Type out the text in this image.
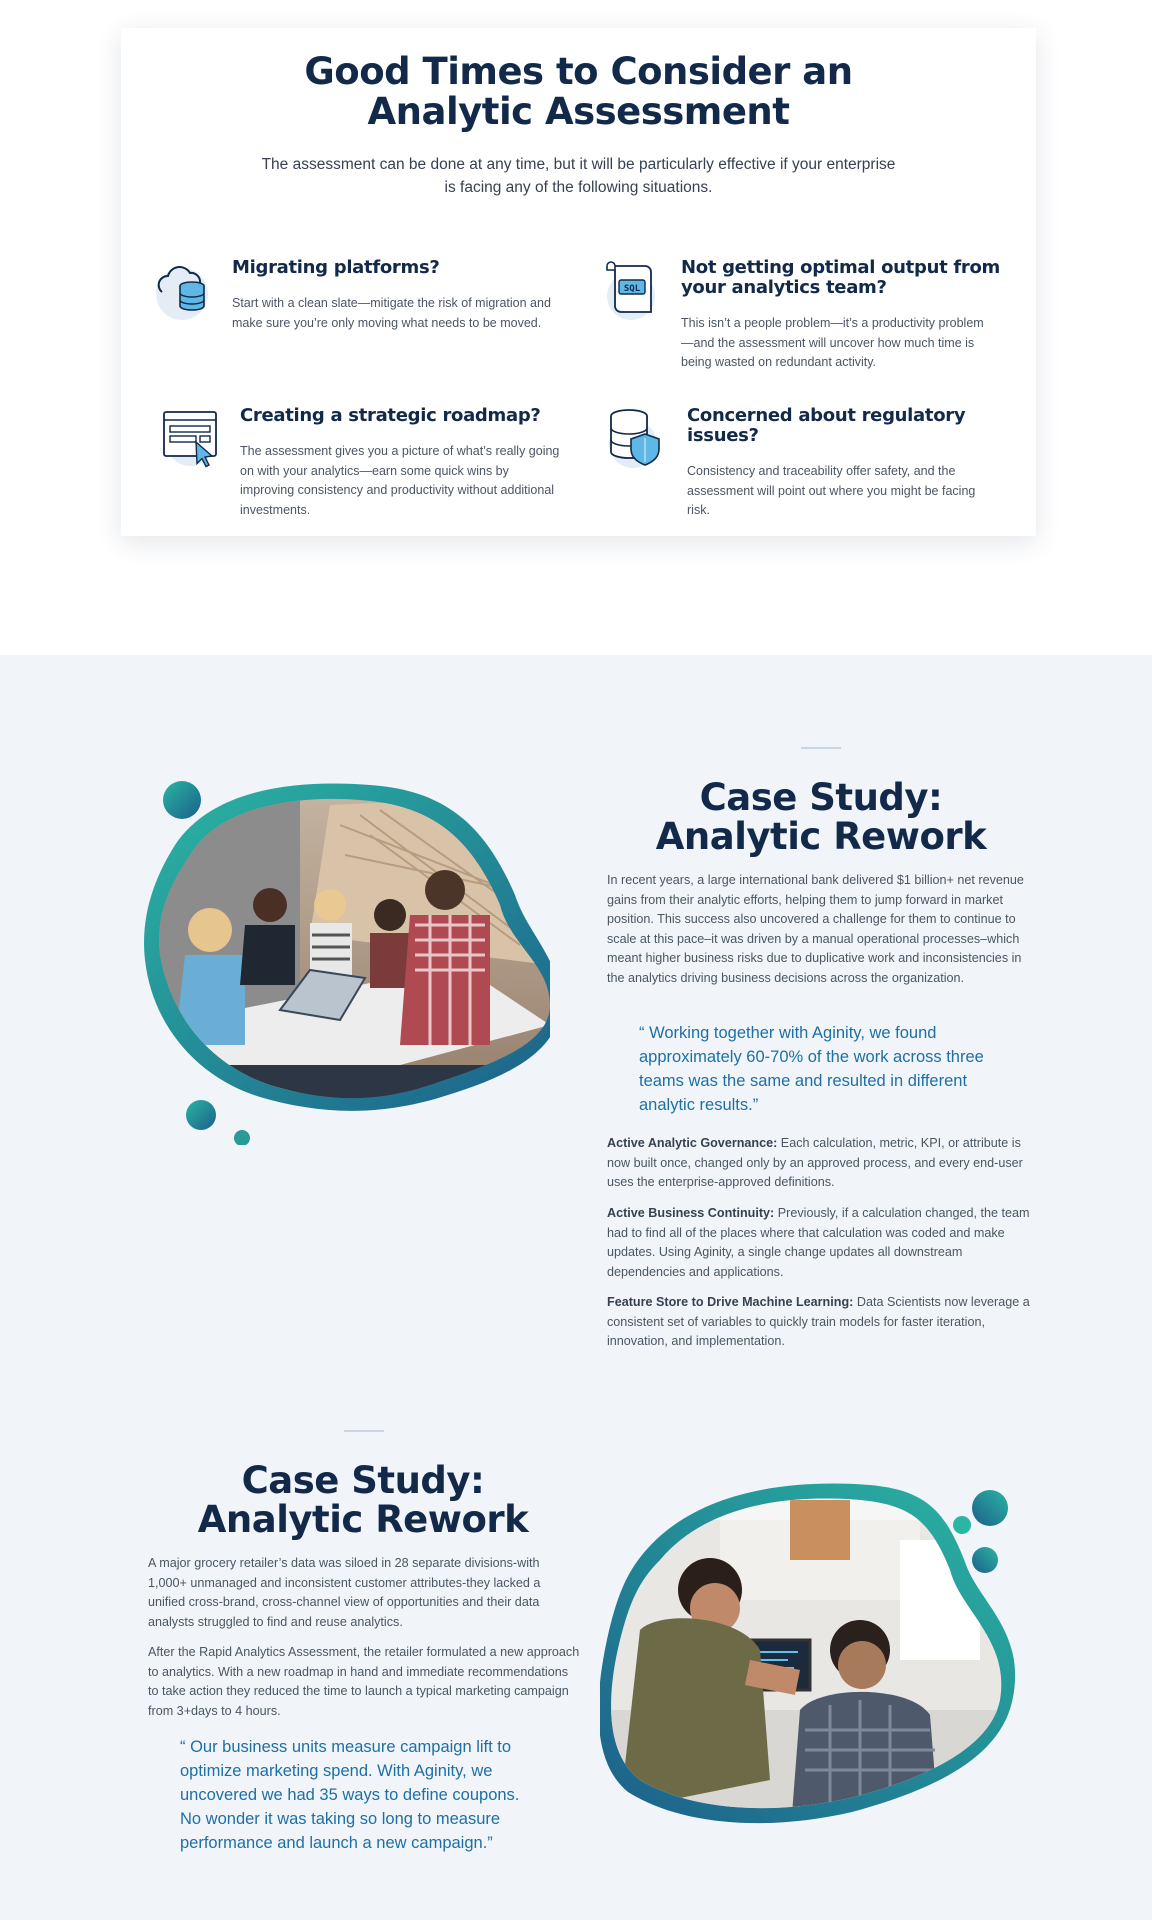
Good Times to Consider an
Analytic Assessment

The assessment can be done at any time, but it will be particularly effective if your enterprise is facing any of the following situations.

Migrating platforms?

Start with a clean slate—mitigate the risk of migration and make sure you’re only moving what needs to be moved.

SQL
Not getting optimal output from your analytics team?

This isn’t a people problem—it’s a productivity problem—and the assessment will uncover how much time is being wasted on redundant activity.

Creating a strategic roadmap?

The assessment gives you a picture of what’s really going on with your analytics—earn some quick wins by improving consistency and productivity without additional investments.

Concerned about regulatory issues?

Consistency and traceability offer safety, and the assessment will point out where you might be facing risk.

Case Study:
Analytic Rework

In recent years, a large international bank delivered $1 billion+ net revenue gains from their analytic efforts, helping them to jump forward in market position. This success also uncovered a challenge for them to continue to scale at this pace–it was driven by a manual operational processes–which meant higher business risks due to duplicative work and inconsistencies in the analytics driving business decisions across the organization.

“ Working together with Aginity, we found approximately 60-70% of the work across three teams was the same and resulted in different analytic results.”

Active Analytic Governance: Each calculation, metric, KPI, or attribute is now built once, changed only by an approved process, and every end-user uses the enterprise-approved definitions.

Active Business Continuity: Previously, if a calculation changed, the team had to find all of the places where that calculation was coded and make updates. Using Aginity, a single change updates all downstream dependencies and applications.

Feature Store to Drive Machine Learning: Data Scientists now leverage a consistent set of variables to quickly train models for faster iteration, innovation, and implementation.

Case Study:
Analytic Rework

A major grocery retailer’s data was siloed in 28 separate divisions-with 1,000+ unmanaged and inconsistent customer attributes-they lacked a unified cross-brand, cross-channel view of opportunities and their data analysts struggled to find and reuse analytics.

After the Rapid Analytics Assessment, the retailer formulated a new approach to analytics. With a new roadmap in hand and immediate recommendations to take action they reduced the time to launch a typical marketing campaign from 3+days to 4 hours.

“ Our business units measure campaign lift to optimize marketing spend. With Aginity, we uncovered we had 35 ways to define coupons. No wonder it was taking so long to measure performance and launch a new campaign.”
